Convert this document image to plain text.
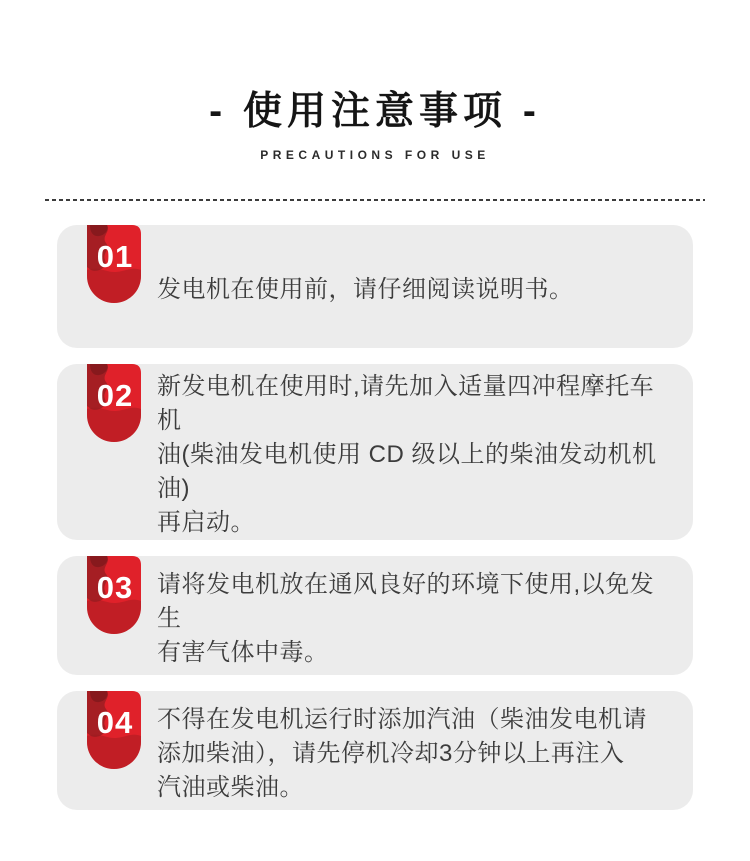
- 使用注意事项 -
PRECAUTIONS FOR USE
01

发电机在使用前，请仔细阅读说明书。

02 新发电机在使用时,请先加入适量四冲程摩托车机
油(柴油发电机使用 CD 级以上的柴油发动机机油)
再启动。

03 请将发电机放在通风良好的环境下使用,以免发生
有害气体中毒。

04 不得在发电机运行时添加汽油（柴油发电机请
添加柴油），请先停机冷却3分钟以上再注入
汽油或柴油。
